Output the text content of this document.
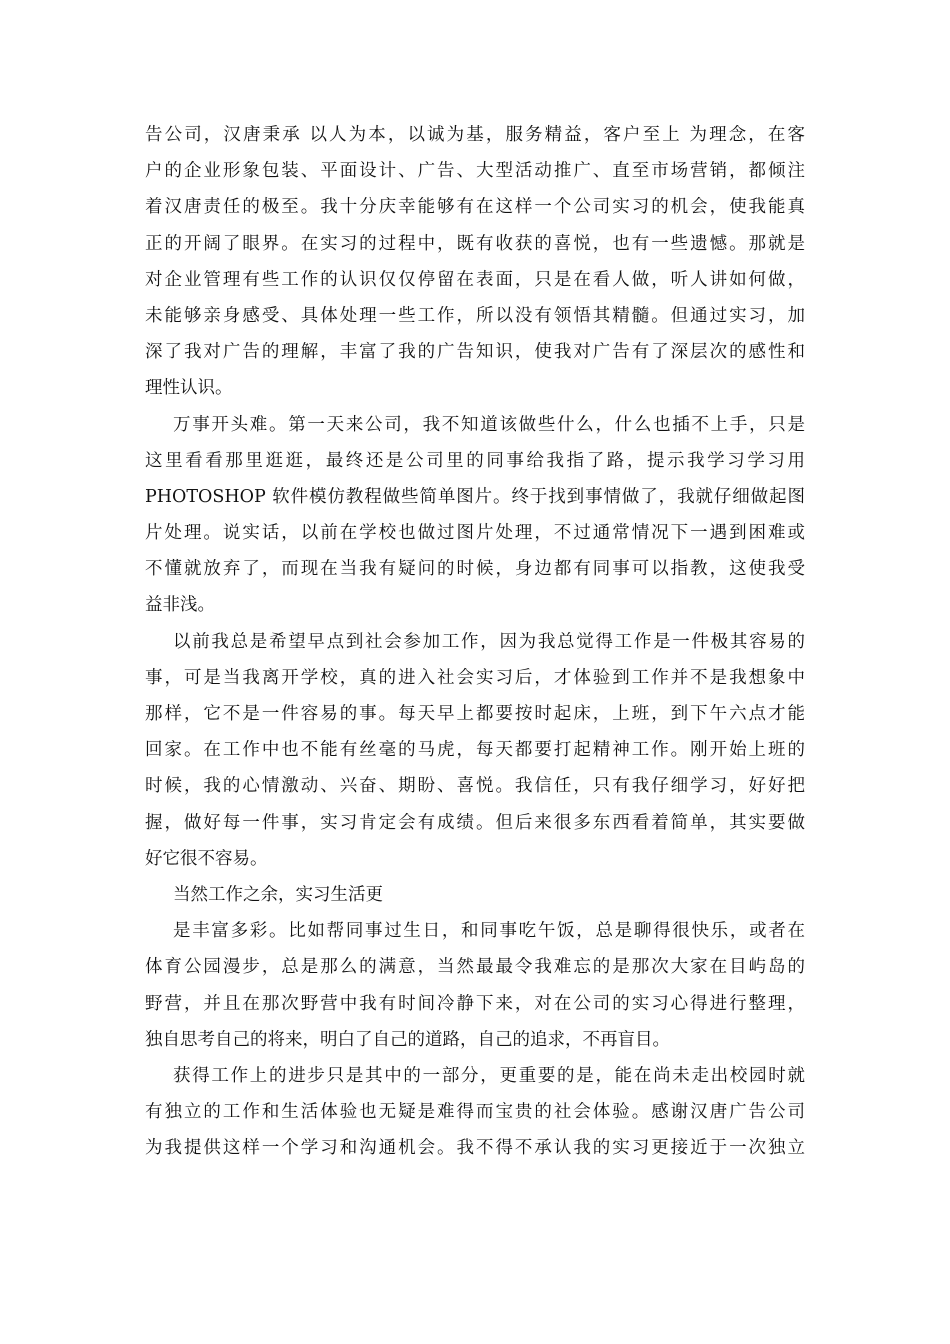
告公司，汉唐秉承 以人为本，以诚为基，服务精益，客户至上 为理念，在客
户的企业形象包装、平面设计、广告、大型活动推广、直至市场营销，都倾注
着汉唐责任的极至。我十分庆幸能够有在这样一个公司实习的机会，使我能真
正的开阔了眼界。在实习的过程中，既有收获的喜悦，也有一些遗憾。那就是
对企业管理有些工作的认识仅仅停留在表面，只是在看人做，听人讲如何做，
未能够亲身感受、具体处理一些工作，所以没有领悟其精髓。但通过实习，加
深了我对广告的理解，丰富了我的广告知识，使我对广告有了深层次的感性和
理性认识。
万事开头难。第一天来公司，我不知道该做些什么，什么也插不上手，只是
这里看看那里逛逛，最终还是公司里的同事给我指了路，提示我学习学习用
PHOTOSHOP 软件模仿教程做些简单图片。终于找到事情做了，我就仔细做起图
片处理。说实话，以前在学校也做过图片处理，不过通常情况下一遇到困难或
不懂就放弃了，而现在当我有疑问的时候，身边都有同事可以指教，这使我受
益非浅。
以前我总是希望早点到社会参加工作，因为我总觉得工作是一件极其容易的
事，可是当我离开学校，真的进入社会实习后，才体验到工作并不是我想象中
那样，它不是一件容易的事。每天早上都要按时起床，上班，到下午六点才能
回家。在工作中也不能有丝毫的马虎，每天都要打起精神工作。刚开始上班的
时候，我的心情激动、兴奋、期盼、喜悦。我信任，只有我仔细学习，好好把
握，做好每一件事，实习肯定会有成绩。但后来很多东西看着简单，其实要做
好它很不容易。
当然工作之余，实习生活更
是丰富多彩。比如帮同事过生日，和同事吃午饭，总是聊得很快乐，或者在
体育公园漫步，总是那么的满意，当然最最令我难忘的是那次大家在目屿岛的
野营，并且在那次野营中我有时间冷静下来，对在公司的实习心得进行整理，
独自思考自己的将来，明白了自己的道路，自己的追求，不再盲目。
获得工作上的进步只是其中的一部分，更重要的是，能在尚未走出校园时就
有独立的工作和生活体验也无疑是难得而宝贵的社会体验。感谢汉唐广告公司
为我提供这样一个学习和沟通机会。我不得不承认我的实习更接近于一次独立
